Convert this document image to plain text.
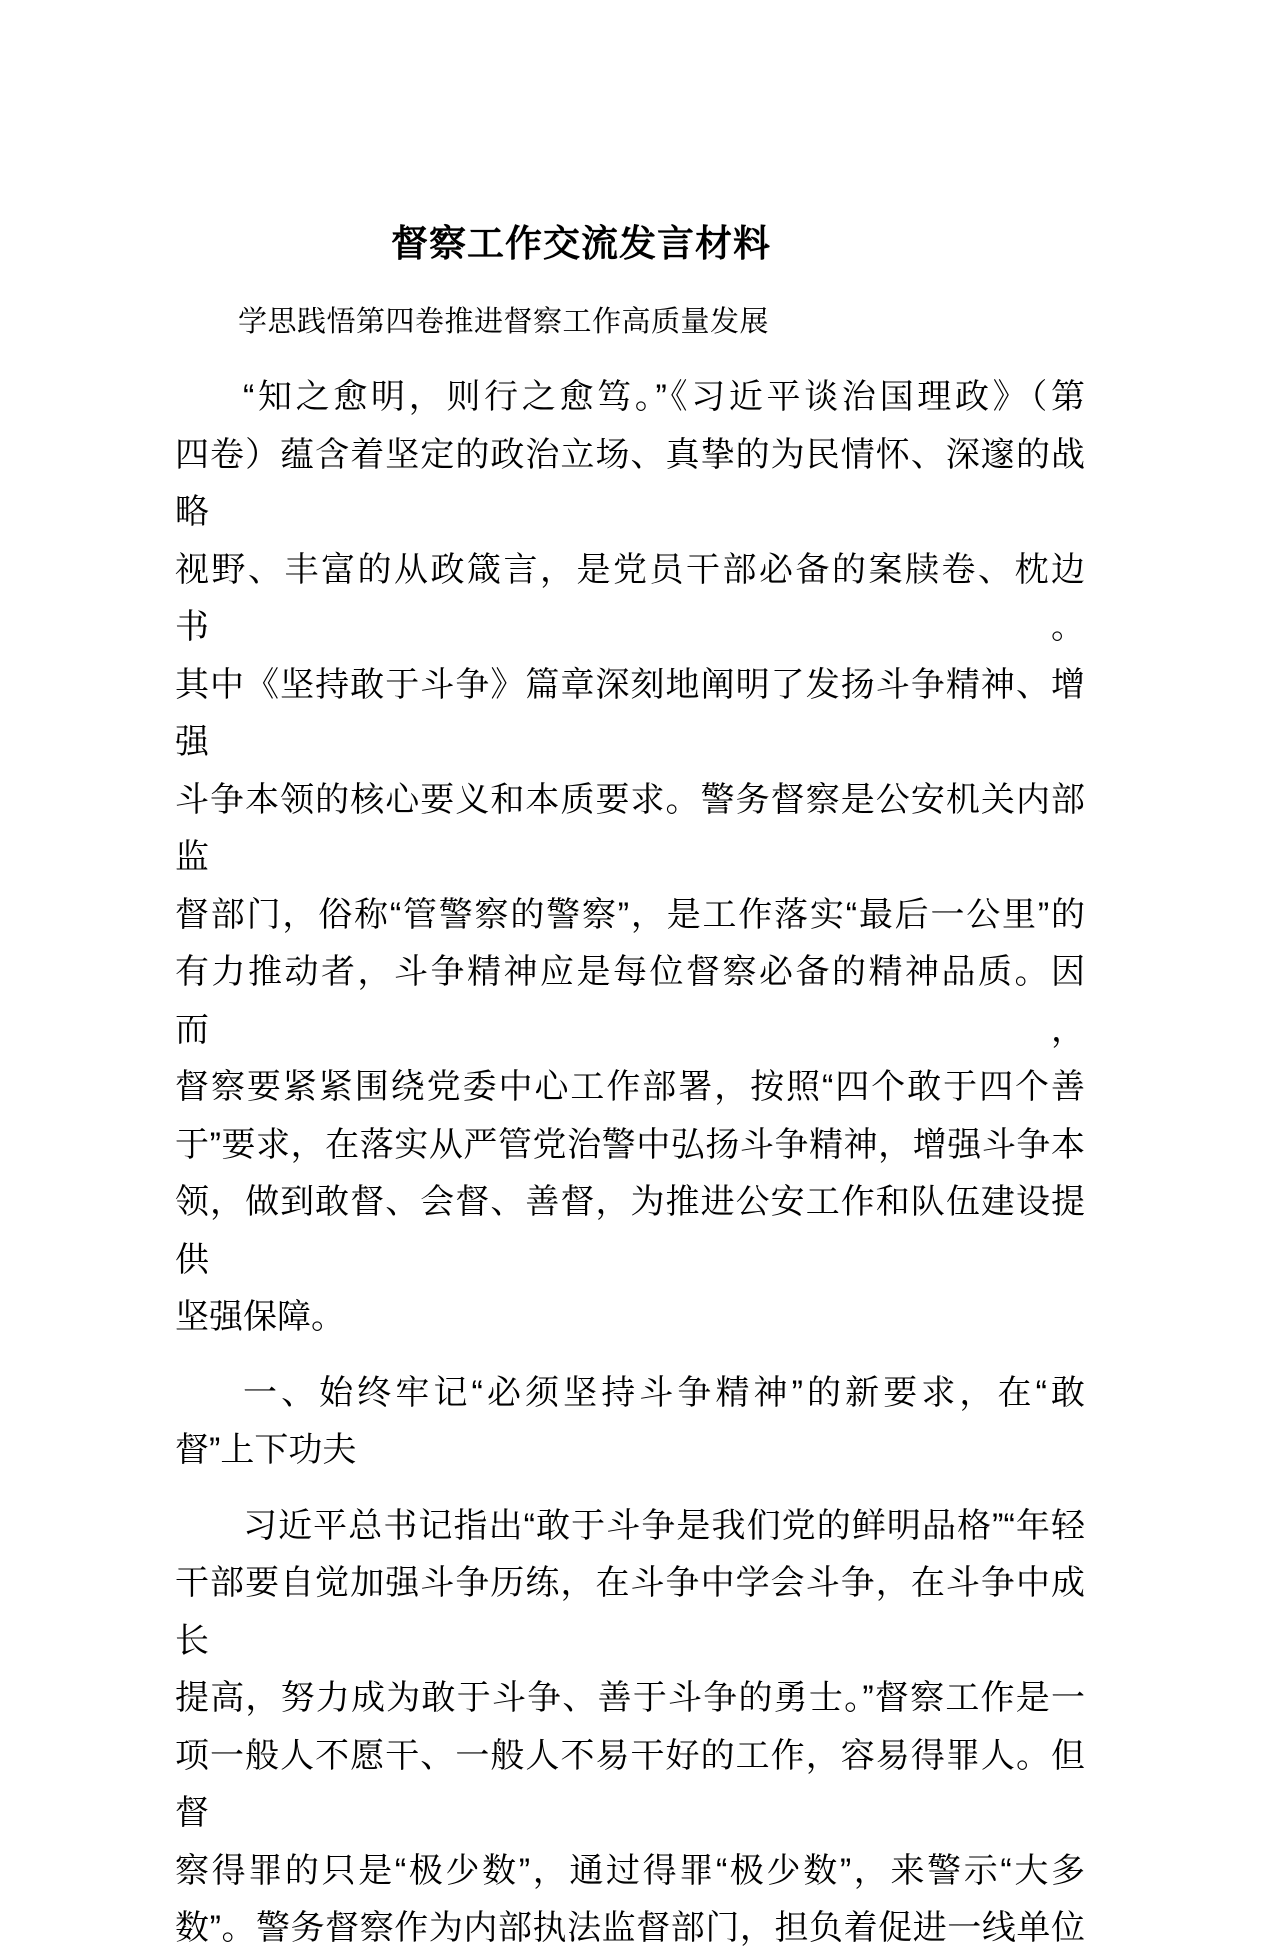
督察工作交流发言材料
学思践悟第四卷推进督察工作高质量发展
“知之愈明，则行之愈笃。”《习近平谈治国理政》（第
四卷）蕴含着坚定的政治立场、真挚的为民情怀、深邃的战略
视野、丰富的从政箴言，是党员干部必备的案牍卷、枕边书。
其中《坚持敢于斗争》篇章深刻地阐明了发扬斗争精神、增强
斗争本领的核心要义和本质要求。警务督察是公安机关内部监
督部门，俗称“管警察的警察”，是工作落实“最后一公里”的
有力推动者，斗争精神应是每位督察必备的精神品质。因而，
督察要紧紧围绕党委中心工作部署，按照“四个敢于四个善
于”要求，在落实从严管党治警中弘扬斗争精神，增强斗争本
领，做到敢督、会督、善督，为推进公安工作和队伍建设提供
坚强保障。
一、始终牢记“必须坚持斗争精神”的新要求，在“敢
督”上下功夫
习近平总书记指出“敢于斗争是我们党的鲜明品格”“年轻
干部要自觉加强斗争历练，在斗争中学会斗争，在斗争中成长
提高，努力成为敢于斗争、善于斗争的勇士。”督察工作是一
项一般人不愿干、一般人不易干好的工作，容易得罪人。但督
察得罪的只是“极少数”，通过得罪“极少数”，来警示“大多
数”。警务督察作为内部执法监督部门，担负着促进一线单位
